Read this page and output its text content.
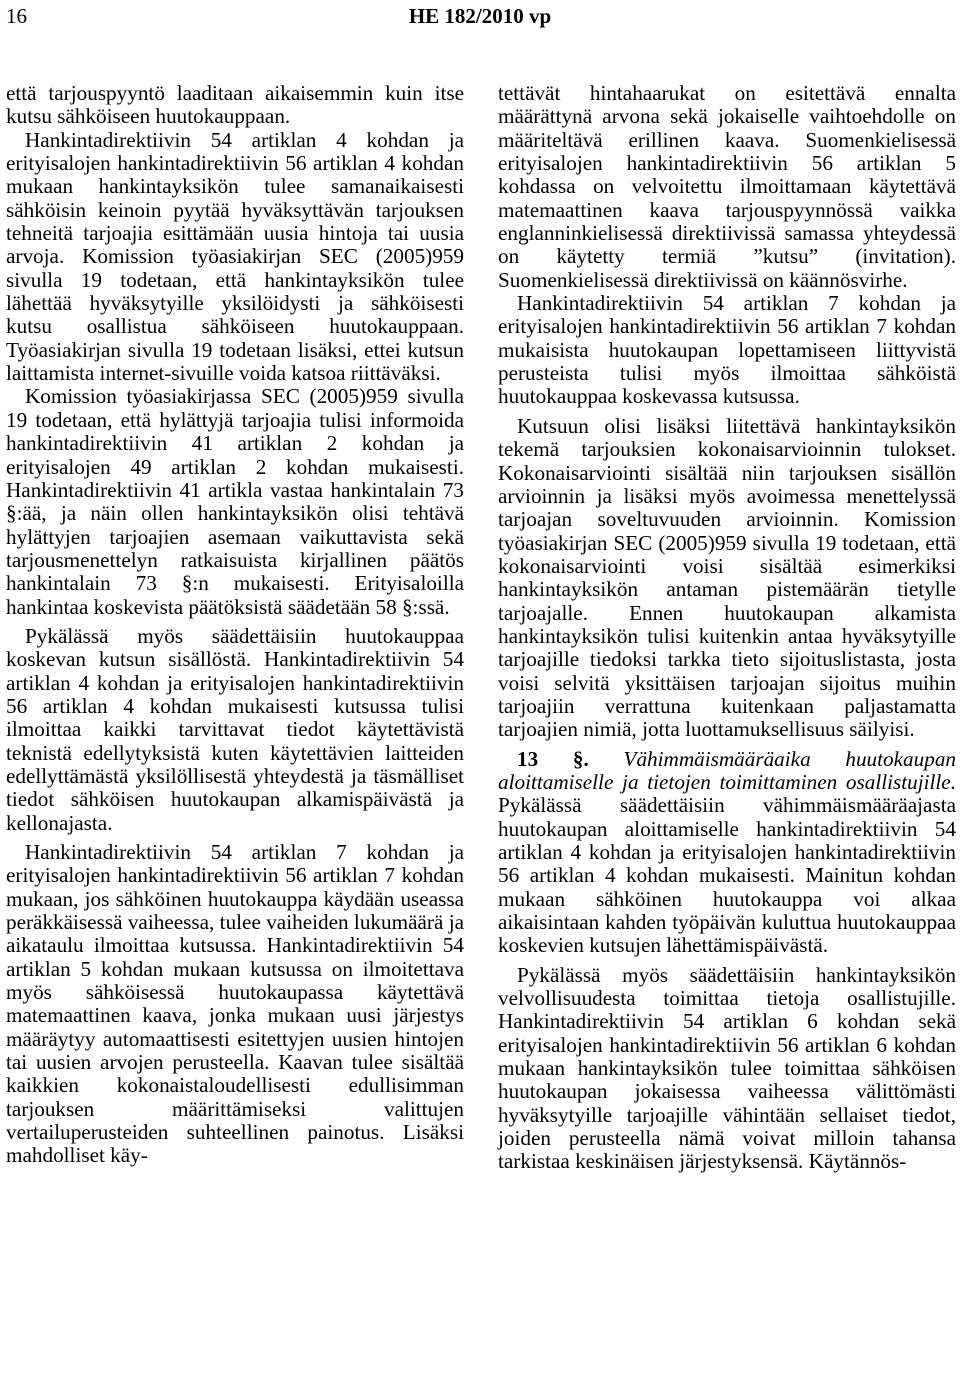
16	HE 182/2010 vp

että tarjouspyyntö laaditaan aikaisemmin kuin itse kutsu sähköiseen huutokauppaan.

Hankintadirektiivin 54 artiklan 4 kohdan ja erityisalojen hankintadirektiivin 56 artiklan 4 kohdan mukaan hankintayksikön tulee samanaikaisesti sähköisin keinoin pyytää hyväksyttävän tarjouksen tehneitä tarjoajia esittämään uusia hintoja tai uusia arvoja. Komission työasiakirjan SEC (2005)959 sivulla 19 todetaan, että hankintayksikön tulee lähettää hyväksytyille yksilöidysti ja sähköisesti kutsu osallistua sähköiseen huutokauppaan. Työasiakirjan sivulla 19 todetaan lisäksi, ettei kutsun laittamista internet-sivuille voida katsoa riittäväksi.

Komission työasiakirjassa SEC (2005)959 sivulla 19 todetaan, että hylättyjä tarjoajia tulisi informoida hankintadirektiivin 41 artiklan 2 kohdan ja erityisalojen 49 artiklan 2 kohdan mukaisesti. Hankintadirektiivin 41 artikla vastaa hankintalain 73 §:ää, ja näin ollen hankintayksikön olisi tehtävä hylättyjen tarjoajien asemaan vaikuttavista sekä tarjousmenettelyn ratkaisuista kirjallinen päätös hankintalain 73 §:n mukaisesti. Erityisaloilla hankintaa koskevista päätöksistä säädetään 58 §:ssä.

Pykälässä myös säädettäisiin huutokauppaa koskevan kutsun sisällöstä. Hankintadirektiivin 54 artiklan 4 kohdan ja erityisalojen hankintadirektiivin 56 artiklan 4 kohdan mukaisesti kutsussa tulisi ilmoittaa kaikki tarvittavat tiedot käytettävistä teknistä edellytyksistä kuten käytettävien laitteiden edellyttämästä yksilöllisestä yhteydestä ja täsmälliset tiedot sähköisen huutokaupan alkamispäivästä ja kellonajasta.

Hankintadirektiivin 54 artiklan 7 kohdan ja erityisalojen hankintadirektiivin 56 artiklan 7 kohdan mukaan, jos sähköinen huutokauppa käydään useassa peräkkäisessä vaiheessa, tulee vaiheiden lukumäärä ja aikataulu ilmoittaa kutsussa. Hankintadirektiivin 54 artiklan 5 kohdan mukaan kutsussa on ilmoitettava myös sähköisessä huutokaupassa käytettävä matemaattinen kaava, jonka mukaan uusi järjestys määräytyy automaattisesti esitettyjen uusien hintojen tai uusien arvojen perusteella. Kaavan tulee sisältää kaikkien kokonaistaloudellisesti edullisimman tarjouksen määrittämiseksi valittujen vertailuperusteiden suhteellinen painotus. Lisäksi mahdolliset käy-

tettävät hintahaarukat on esitettävä ennalta määrättynä arvona sekä jokaiselle vaihtoehdolle on määriteltävä erillinen kaava. Suomenkielisessä erityisalojen hankintadirektiivin 56 artiklan 5 kohdassa on velvoitettu ilmoittamaan käytettävä matemaattinen kaava tarjouspyynnössä vaikka englanninkielisessä direktiivissä samassa yhteydessä on käytetty termiä ”kutsu” (invitation). Suomenkielisessä direktiivissä on käännösvirhe.

Hankintadirektiivin 54 artiklan 7 kohdan ja erityisalojen hankintadirektiivin 56 artiklan 7 kohdan mukaisista huutokaupan lopettamiseen liittyvistä perusteista tulisi myös ilmoittaa sähköistä huutokauppaa koskevassa kutsussa.

Kutsuun olisi lisäksi liitettävä hankintayksikön tekemä tarjouksien kokonaisarvioinnin tulokset. Kokonaisarviointi sisältää niin tarjouksen sisällön arvioinnin ja lisäksi myös avoimessa menettelyssä tarjoajan soveltuvuuden arvioinnin. Komission työasiakirjan SEC (2005)959 sivulla 19 todetaan, että kokonaisarviointi voisi sisältää esimerkiksi hankintayksikön antaman pistemäärän tietylle tarjoajalle. Ennen huutokaupan alkamista hankintayksikön tulisi kuitenkin antaa hyväksytyille tarjoajille tiedoksi tarkka tieto sijoituslistasta, josta voisi selvitä yksittäisen tarjoajan sijoitus muihin tarjoajiin verrattuna kuitenkaan paljastamatta tarjoajien nimiä, jotta luottamuksellisuus säilyisi.

13 §. Vähimmäismääräaika huutokaupan aloittamiselle ja tietojen toimittaminen osallistujille. Pykälässä säädettäisiin vähimmäismääräajasta huutokaupan aloittamiselle hankintadirektiivin 54 artiklan 4 kohdan ja erityisalojen hankintadirektiivin 56 artiklan 4 kohdan mukaisesti. Mainitun kohdan mukaan sähköinen huutokauppa voi alkaa aikaisintaan kahden työpäivän kuluttua huutokauppaa koskevien kutsujen lähettämispäivästä.

Pykälässä myös säädettäisiin hankintayksikön velvollisuudesta toimittaa tietoja osallistujille. Hankintadirektiivin 54 artiklan 6 kohdan sekä erityisalojen hankintadirektiivin 56 artiklan 6 kohdan mukaan hankintayksikön tulee toimittaa sähköisen huutokaupan jokaisessa vaiheessa välittömästi hyväksytyille tarjoajille vähintään sellaiset tiedot, joiden perusteella nämä voivat milloin tahansa tarkistaa keskinäisen järjestyksensä. Käytännös-
